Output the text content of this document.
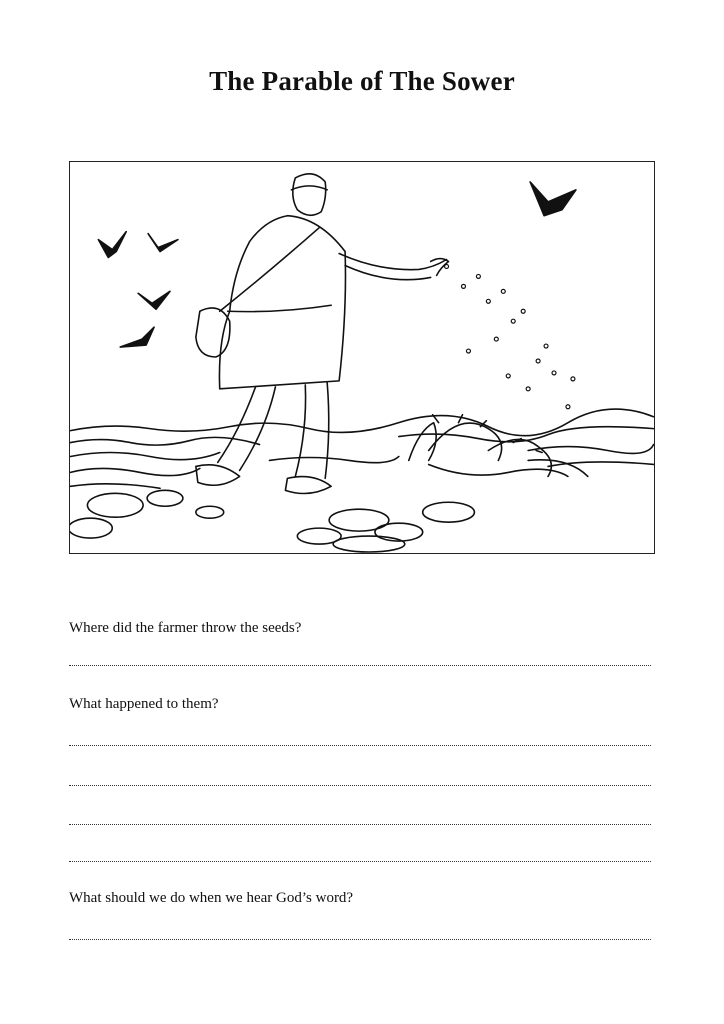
The Parable of The Sower
Where did the farmer throw the seeds?
What happened to them?
What should we do when we hear God’s word?
